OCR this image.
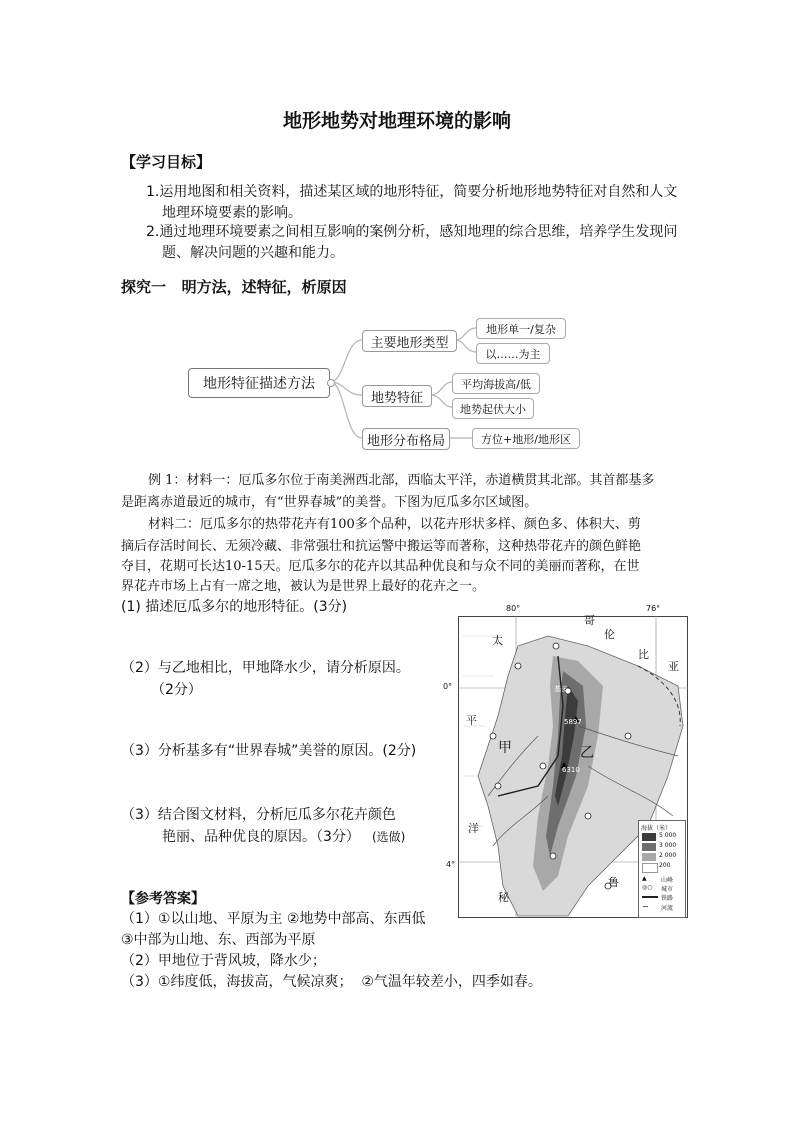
地形地势对地理环境的影响
【学习目标】
1.运用地图和相关资料，描述某区域的地形特征，简要分析地形地势特征对自然和人文
地理环境要素的影响。
2.通过地理环境要素之间相互影响的案例分析，感知地理的综合思维，培养学生发现问
题、解决问题的兴趣和能力。
探究一   明方法，述特征，析原因
地形特征描述方法
主要地形类型
地势特征
地形分布格局
地形单一/复杂
以……为主
平均海拔高/低
地势起伏大小
方位+地形/地形区
例 1：材料一：厄瓜多尔位于南美洲西北部，西临太平洋，赤道横贯其北部。其首都基多
是距离赤道最近的城市，有“世界春城”的美誉。下图为厄瓜多尔区域图。
材料二：厄瓜多尔的热带花卉有100多个品种，以花卉形状多样、颜色多、体积大、剪
摘后存活时间长、无须冷藏、非常强壮和抗运警中搬运等而著称，这种热带花卉的颜色鲜艳
夺目，花期可长达10-15天。厄瓜多尔的花卉以其品种优良和与众不同的美丽而著称，在世
界花卉市场上占有一席之地，被认为是世界上最好的花卉之一。
(1) 描述厄瓜多尔的地形特征。(3分)
（2）与乙地相比，甲地降水少，请分析原因。
（2分）
（3）分析基多有“世界春城”美誉的原因。(2分)
（3）结合图文材料，分析厄瓜多尔花卉颜色
艳丽、品种优良的原因。（3分） (选做)
80°	76°
0°
4°
太
平
洋
哥
伦
比
亚
秘
鲁
甲	乙
基多
5897
6310
海拔（米）
5 000
3 000
2 000
200
▲ 山峰
◎○ 城市
铁路
∽ 河流
【参考答案】
（1）①以山地、平原为主 ②地势中部高、东西低
③中部为山地、东、西部为平原
（2）甲地位于背风坡，降水少；
（3）①纬度低，海拔高，气候凉爽；  ②气温年较差小，四季如春。
